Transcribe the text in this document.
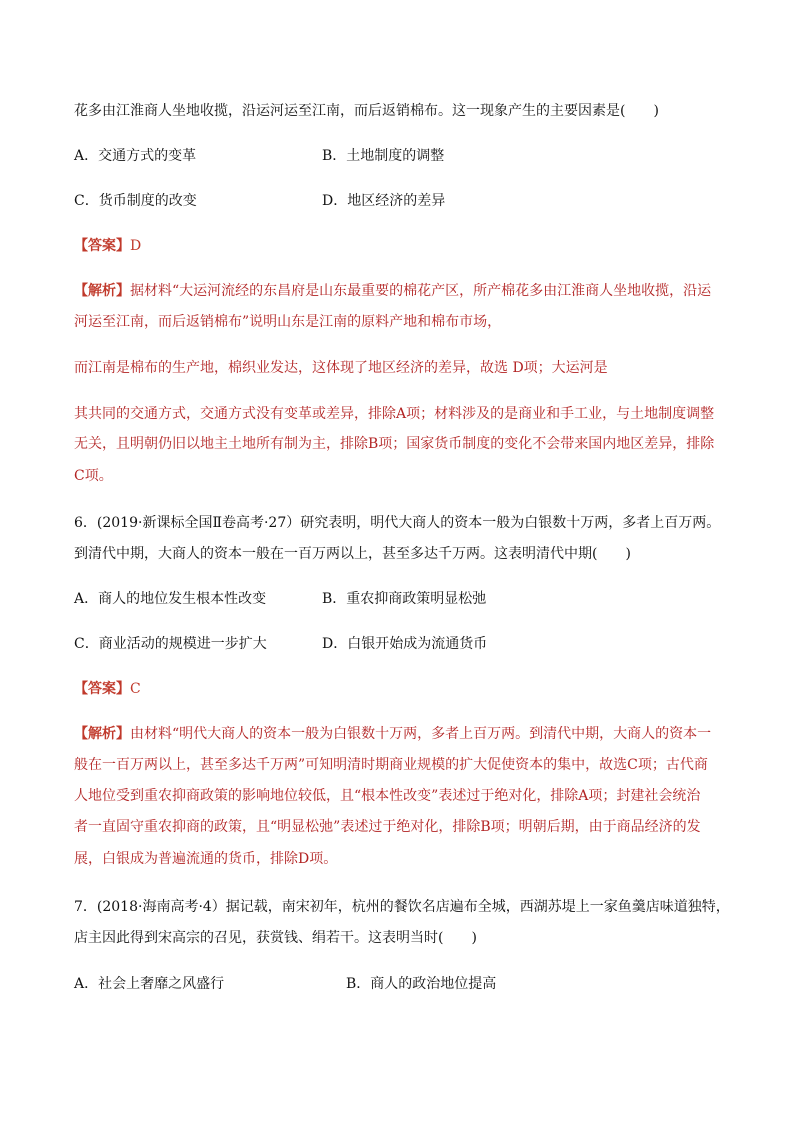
花多由江淮商人坐地收揽，沿运河运至江南，而后返销棉布。这一现象产生的主要因素是(　　)
A．交通方式的变革	B．土地制度的调整
C．货币制度的改变	D．地区经济的差异
【答案】D
【解析】据材料“大运河流经的东昌府是山东最重要的棉花产区，所产棉花多由江淮商人坐地收揽，沿运
河运至江南，而后返销棉布”说明山东是江南的原料产地和棉布市场，
而江南是棉布的生产地，棉织业发达，这体现了地区经济的差异，故选 D项；大运河是
其共同的交通方式，交通方式没有变革或差异，排除A项；材料涉及的是商业和手工业，与土地制度调整
无关，且明朝仍旧以地主土地所有制为主，排除B项；国家货币制度的变化不会带来国内地区差异，排除
C项。
6．(2019·新课标全国Ⅱ卷高考·27）研究表明，明代大商人的资本一般为白银数十万两，多者上百万两。
到清代中期，大商人的资本一般在一百万两以上，甚至多达千万两。这表明清代中期(　　)
A．商人的地位发生根本性改变	B．重农抑商政策明显松弛
C．商业活动的规模进一步扩大	D．白银开始成为流通货币
【答案】C
【解析】由材料“明代大商人的资本一般为白银数十万两，多者上百万两。到清代中期，大商人的资本一
般在一百万两以上，甚至多达千万两”可知明清时期商业规模的扩大促使资本的集中，故选C项；古代商
人地位受到重农抑商政策的影响地位较低，且“根本性改变”表述过于绝对化，排除A项；封建社会统治
者一直固守重农抑商的政策，且“明显松弛”表述过于绝对化，排除B项；明朝后期，由于商品经济的发
展，白银成为普遍流通的货币，排除D项。
7．(2018·海南高考·4）据记载，南宋初年，杭州的餐饮名店遍布全城，西湖苏堤上一家鱼羹店味道独特，
店主因此得到宋高宗的召见，获赏钱、绢若干。这表明当时(　　)
A．社会上奢靡之风盛行	B．商人的政治地位提高
